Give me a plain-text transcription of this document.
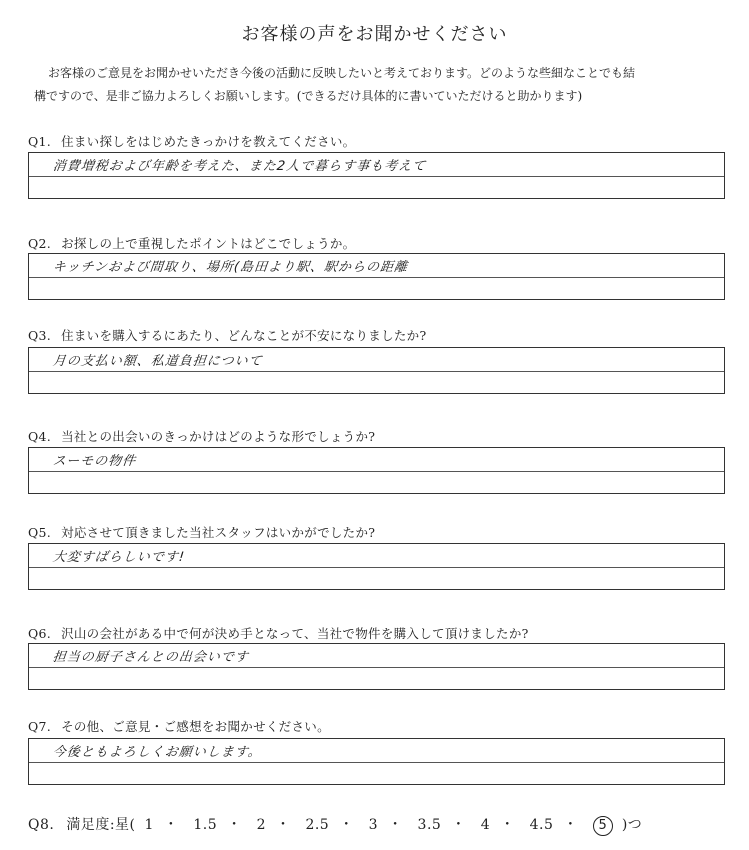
お客様の声をお聞かせください
お客様のご意見をお聞かせいただき今後の活動に反映したいと考えております。どのような些細なことでも結
構ですので、是非ご協力よろしくお願いします。(できるだけ具体的に書いていただけると助かります)
Q1. 住まい探しをはじめたきっかけを教えてください。
消費増税および年齢を考えた、また2人で暮らす事も考えて
Q2. お探しの上で重視したポイントはどこでしょうか。
キッチンおよび間取り、場所(島田より駅、駅からの距離
Q3. 住まいを購入するにあたり、どんなことが不安になりましたか?
月の支払い額、私道負担について
Q4. 当社との出会いのきっかけはどのような形でしょうか?
スーモの物件
Q5. 対応させて頂きました当社スタッフはいかがでしたか?
大変すばらしいです!
Q6. 沢山の会社がある中で何が決め手となって、当社で物件を購入して頂けましたか?
担当の厨子さんとの出会いです
Q7. その他、ご意見・ご感想をお聞かせください。
今後ともよろしくお願いします。
Q8. 満足度:星( 1 ・ 1.5 ・ 2 ・ 2.5 ・ 3 ・ 3.5 ・ 4 ・ 4.5 ・ 5 )つ
